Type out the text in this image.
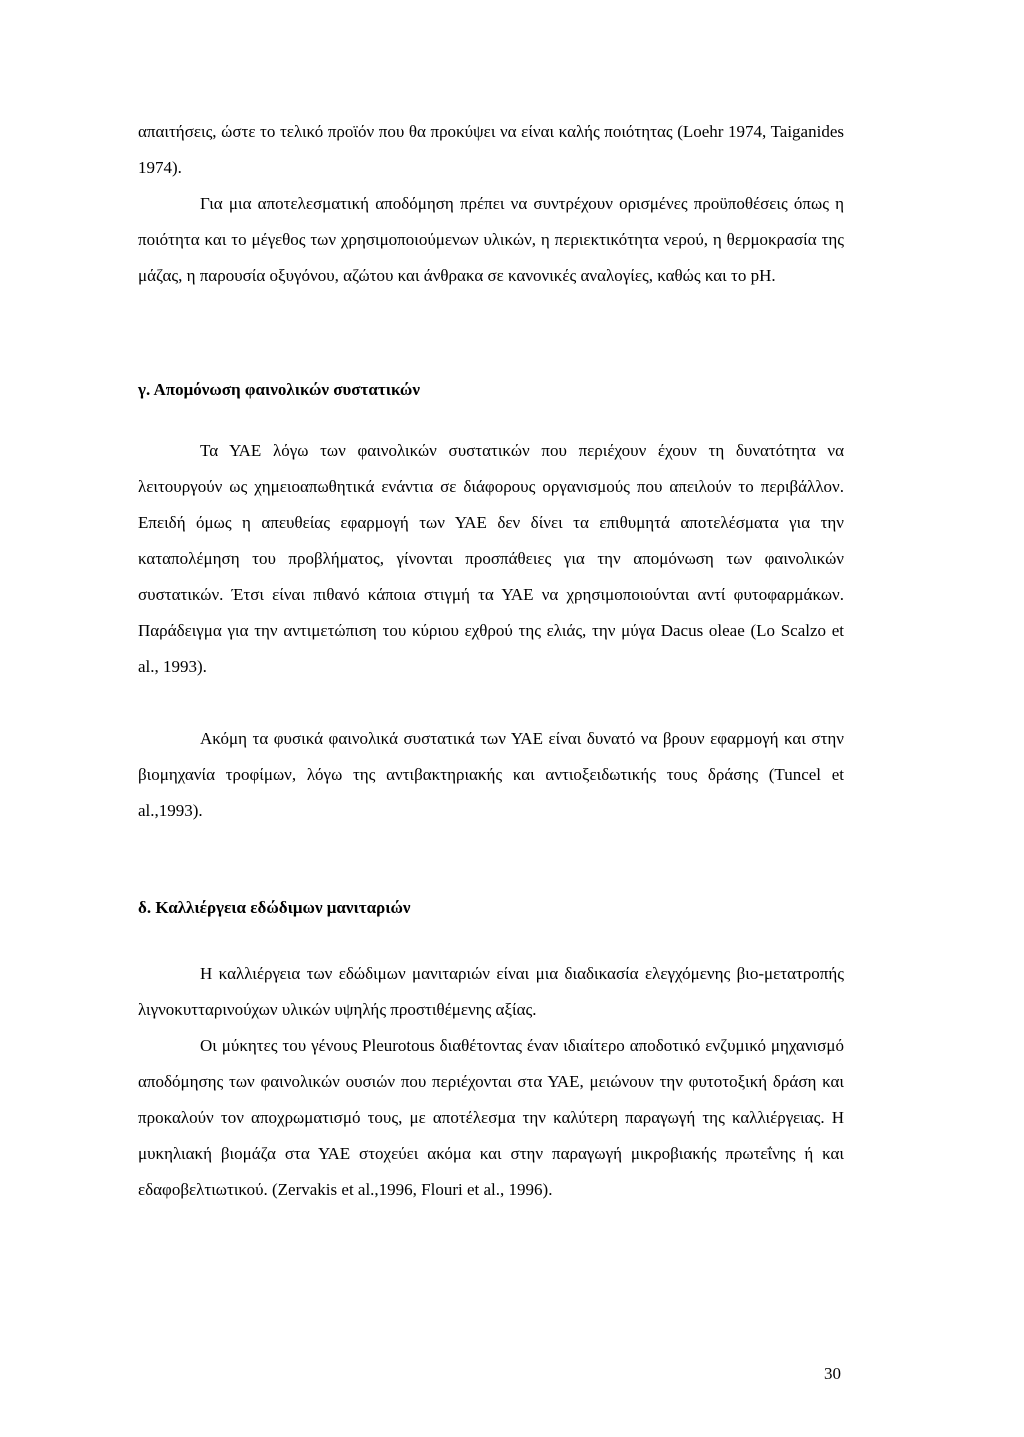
απαιτήσεις, ώστε το τελικό προϊόν που θα προκύψει να είναι καλής ποιότητας (Loehr 1974, Taiganides 1974).

Για μια αποτελεσματική αποδόμηση πρέπει να συντρέχουν ορισμένες προϋποθέσεις όπως η ποιότητα και το μέγεθος των χρησιμοποιούμενων υλικών, η περιεκτικότητα νερού, η θερμοκρασία της μάζας, η παρουσία οξυγόνου, αζώτου και άνθρακα σε κανονικές αναλογίες, καθώς και το pH.

γ. Απομόνωση φαινολικών συστατικών

Τα ΥΑΕ λόγω των φαινολικών συστατικών που περιέχουν έχουν τη δυνατότητα να λειτουργούν ως χημειοαπωθητικά ενάντια σε διάφορους οργανισμούς που απειλούν το περιβάλλον. Επειδή όμως η απευθείας εφαρμογή των ΥΑΕ δεν δίνει τα επιθυμητά αποτελέσματα για την καταπολέμηση του προβλήματος, γίνονται προσπάθειες για την απομόνωση των φαινολικών συστατικών. Έτσι είναι πιθανό κάποια στιγμή τα ΥΑΕ να χρησιμοποιούνται αντί φυτοφαρμάκων. Παράδειγμα για την αντιμετώπιση του κύριου εχθρού της ελιάς, την μύγα Dacus oleae (Lo Scalzo et al., 1993).

Ακόμη τα φυσικά φαινολικά συστατικά των ΥΑΕ είναι δυνατό να βρουν εφαρμογή και στην βιομηχανία τροφίμων, λόγω της αντιβακτηριακής και αντιοξειδωτικής τους δράσης (Tuncel et al.,1993).

δ. Καλλιέργεια εδώδιμων μανιταριών

Η καλλιέργεια των εδώδιμων μανιταριών είναι μια διαδικασία ελεγχόμενης βιο-μετατροπής λιγνοκυτταρινούχων υλικών υψηλής προστιθέμενης αξίας.

Οι μύκητες του γένους Pleurotous διαθέτοντας έναν ιδιαίτερο αποδοτικό ενζυμικό μηχανισμό αποδόμησης των φαινολικών ουσιών που περιέχονται στα ΥΑΕ, μειώνουν την φυτοτοξική δράση και προκαλούν τον αποχρωματισμό τους, με αποτέλεσμα την καλύτερη παραγωγή της καλλιέργειας. Η μυκηλιακή βιομάζα στα ΥΑΕ στοχεύει ακόμα και στην παραγωγή μικροβιακής πρωτεΐνης ή και εδαφοβελτιωτικού. (Zervakis et al.,1996, Flouri et al., 1996).

30
